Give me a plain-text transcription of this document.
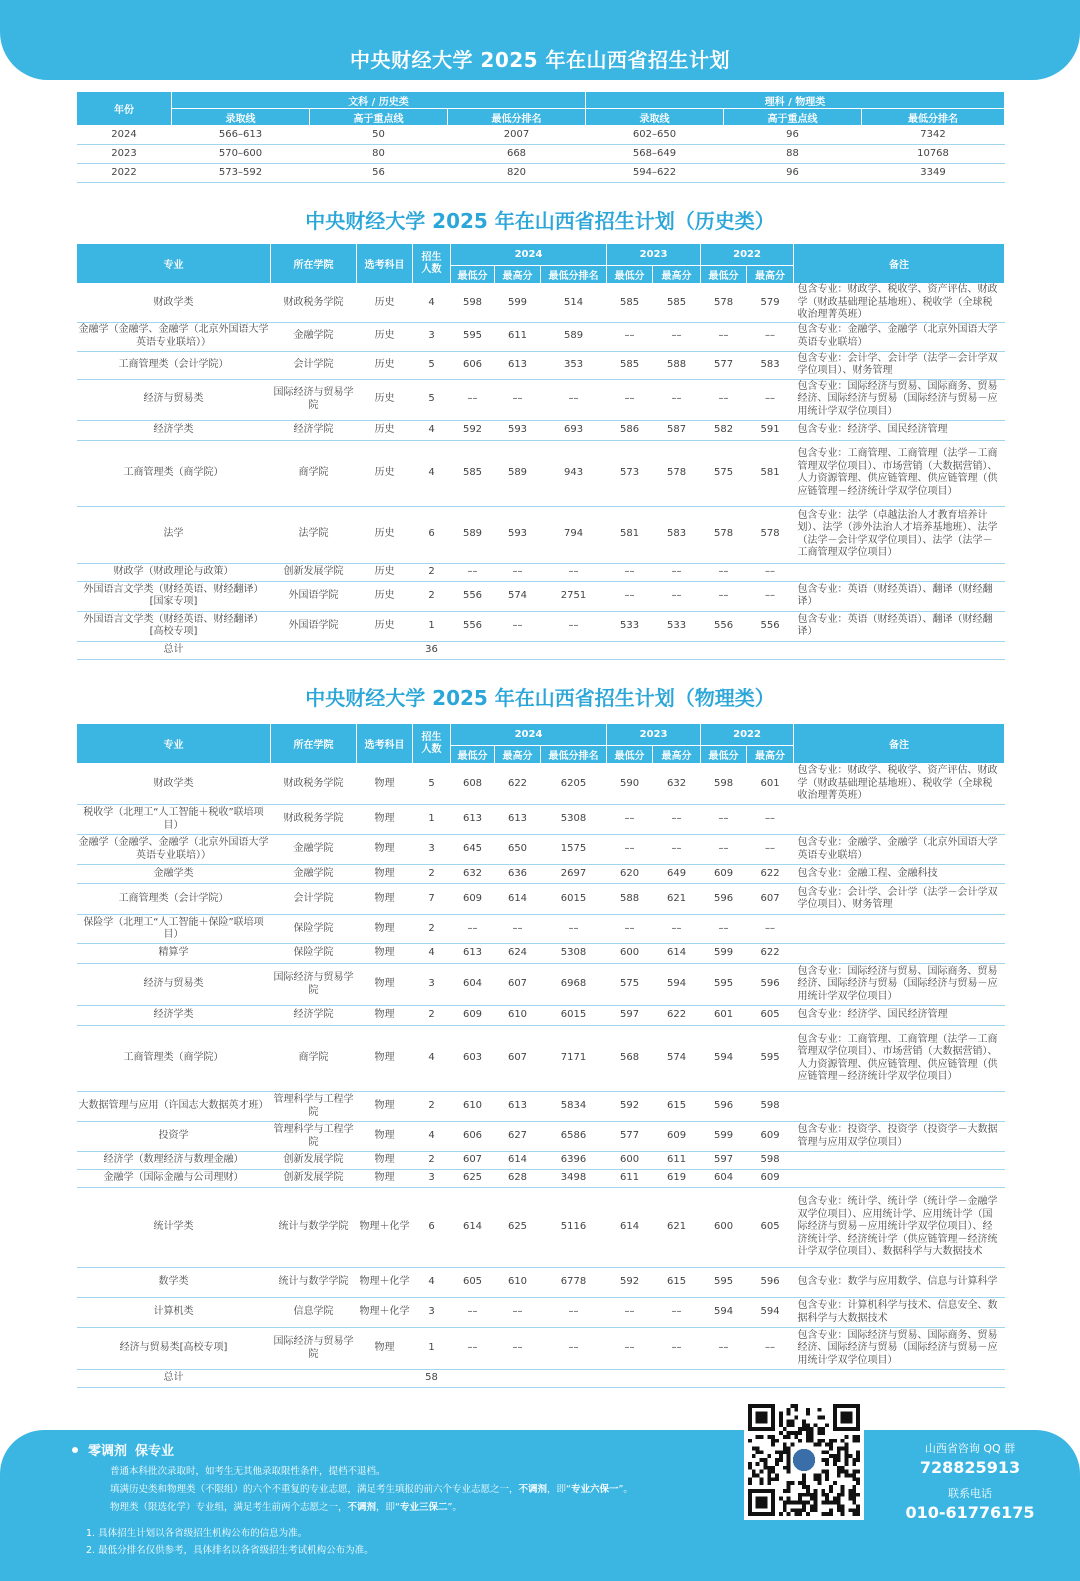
中央财经大学 2025 年在山西省招生计划
年份	文科 / 历史类			理科 / 物理类		
	录取线	高于重点线	最低分排名	录取线	高于重点线	最低分排名
2024	566–613	50	2007	602–650	96	7342
2023	570–600	80	668	568–649	88	10768
2022	573–592	56	820	594–622	96	3349
中央财经大学 2025 年在山西省招生计划（历史类）
专业	所在学院	选考科目	招生人数	2024			2023		2022		备注
				最低分	最高分	最低分排名	最低分	最高分	最低分	最高分	
财政学类	财政税务学院	历史	4	598	599	514	585	585	578	579	包含专业：财政学、税收学、资产评估、财政学（财政基础理论基地班）、税收学（全球税收治理菁英班）
金融学（金融学、金融学（北京外国语大学英语专业联培））	金融学院	历史	3	595	611	589	––	––	––	––	包含专业：金融学、金融学（北京外国语大学英语专业联培）
工商管理类（会计学院）	会计学院	历史	5	606	613	353	585	588	577	583	包含专业：会计学、会计学（法学－会计学双学位项目）、财务管理
经济与贸易类	国际经济与贸易学院	历史	5	––	––	––	––	––	––	––	包含专业：国际经济与贸易、国际商务、贸易经济、国际经济与贸易（国际经济与贸易－应用统计学双学位项目）
经济学类	经济学院	历史	4	592	593	693	586	587	582	591	包含专业：经济学、国民经济管理
工商管理类（商学院）	商学院	历史	4	585	589	943	573	578	575	581	包含专业：工商管理、工商管理（法学－工商管理双学位项目）、市场营销（大数据营销）、人力资源管理、供应链管理、供应链管理（供应链管理－经济统计学双学位项目）
法学	法学院	历史	6	589	593	794	581	583	578	578	包含专业：法学（卓越法治人才教育培养计划）、法学（涉外法治人才培养基地班）、法学（法学－会计学双学位项目）、法学（法学－工商管理双学位项目）
财政学（财政理论与政策）	创新发展学院	历史	2	––	––	––	––	––	––	––	
外国语言文学类（财经英语、财经翻译）[国家专项]	外国语学院	历史	2	556	574	2751	––	––	––	––	包含专业：英语（财经英语）、翻译（财经翻译）
外国语言文学类（财经英语、财经翻译）[高校专项]	外国语学院	历史	1	556	––	––	533	533	556	556	包含专业：英语（财经英语）、翻译（财经翻译）
总计			36								
中央财经大学 2025 年在山西省招生计划（物理类）
专业	所在学院	选考科目	招生人数	2024			2023		2022		备注
				最低分	最高分	最低分排名	最低分	最高分	最低分	最高分	
财政学类	财政税务学院	物理	5	608	622	6205	590	632	598	601	包含专业：财政学、税收学、资产评估、财政学（财政基础理论基地班）、税收学（全球税收治理菁英班）
税收学（北理工“人工智能＋税收”联培项目）	财政税务学院	物理	1	613	613	5308	––	––	––	––	
金融学（金融学、金融学（北京外国语大学英语专业联培））	金融学院	物理	3	645	650	1575	––	––	––	––	包含专业：金融学、金融学（北京外国语大学英语专业联培）
金融学类	金融学院	物理	2	632	636	2697	620	649	609	622	包含专业：金融工程、金融科技
工商管理类（会计学院）	会计学院	物理	7	609	614	6015	588	621	596	607	包含专业：会计学、会计学（法学－会计学双学位项目）、财务管理
保险学（北理工“人工智能＋保险”联培项目）	保险学院	物理	2	––	––	––	––	––	––	––	
精算学	保险学院	物理	4	613	624	5308	600	614	599	622	
经济与贸易类	国际经济与贸易学院	物理	3	604	607	6968	575	594	595	596	包含专业：国际经济与贸易、国际商务、贸易经济、国际经济与贸易（国际经济与贸易－应用统计学双学位项目）
经济学类	经济学院	物理	2	609	610	6015	597	622	601	605	包含专业：经济学、国民经济管理
工商管理类（商学院）	商学院	物理	4	603	607	7171	568	574	594	595	包含专业：工商管理、工商管理（法学－工商管理双学位项目）、市场营销（大数据营销）、人力资源管理、供应链管理、供应链管理（供应链管理－经济统计学双学位项目）
大数据管理与应用（许国志大数据英才班）	管理科学与工程学院	物理	2	610	613	5834	592	615	596	598	
投资学	管理科学与工程学院	物理	4	606	627	6586	577	609	599	609	包含专业：投资学、投资学（投资学－大数据管理与应用双学位项目）
经济学（数理经济与数理金融）	创新发展学院	物理	2	607	614	6396	600	611	597	598	
金融学（国际金融与公司理财）	创新发展学院	物理	3	625	628	3498	611	619	604	609	
统计学类	统计与数学学院	物理＋化学	6	614	625	5116	614	621	600	605	包含专业：统计学、统计学（统计学－金融学双学位项目）、应用统计学、应用统计学（国际经济与贸易－应用统计学双学位项目）、经济统计学、经济统计学（供应链管理－经济统计学双学位项目）、数据科学与大数据技术
数学类	统计与数学学院	物理＋化学	4	605	610	6778	592	615	595	596	包含专业：数学与应用数学、信息与计算科学
计算机类	信息学院	物理＋化学	3	––	––	––	––	––	594	594	包含专业：计算机科学与技术、信息安全、数据科学与大数据技术
经济与贸易类[高校专项]	国际经济与贸易学院	物理	1	––	––	––	––	––	––	––	包含专业：国际经济与贸易、国际商务、贸易经济、国际经济与贸易（国际经济与贸易－应用统计学双学位项目）
总计			58								
零调剂 保专业
普通本科批次录取时，如考生无其他录取限性条件，提档不退档。
填满历史类和物理类（不限组）的六个不重复的专业志愿，满足考生填报的前六个专业志愿之一，不调剂，即“专业六保一”。
物理类（限选化学）专业组，满足考生前两个志愿之一，不调剂，即“专业三保二”。
1. 具体招生计划以各省级招生机构公布的信息为准。
2. 最低分排名仅供参考，具体排名以各省级招生考试机构公布为准。
山西省咨询 QQ 群
728825913
联系电话
010-61776175
